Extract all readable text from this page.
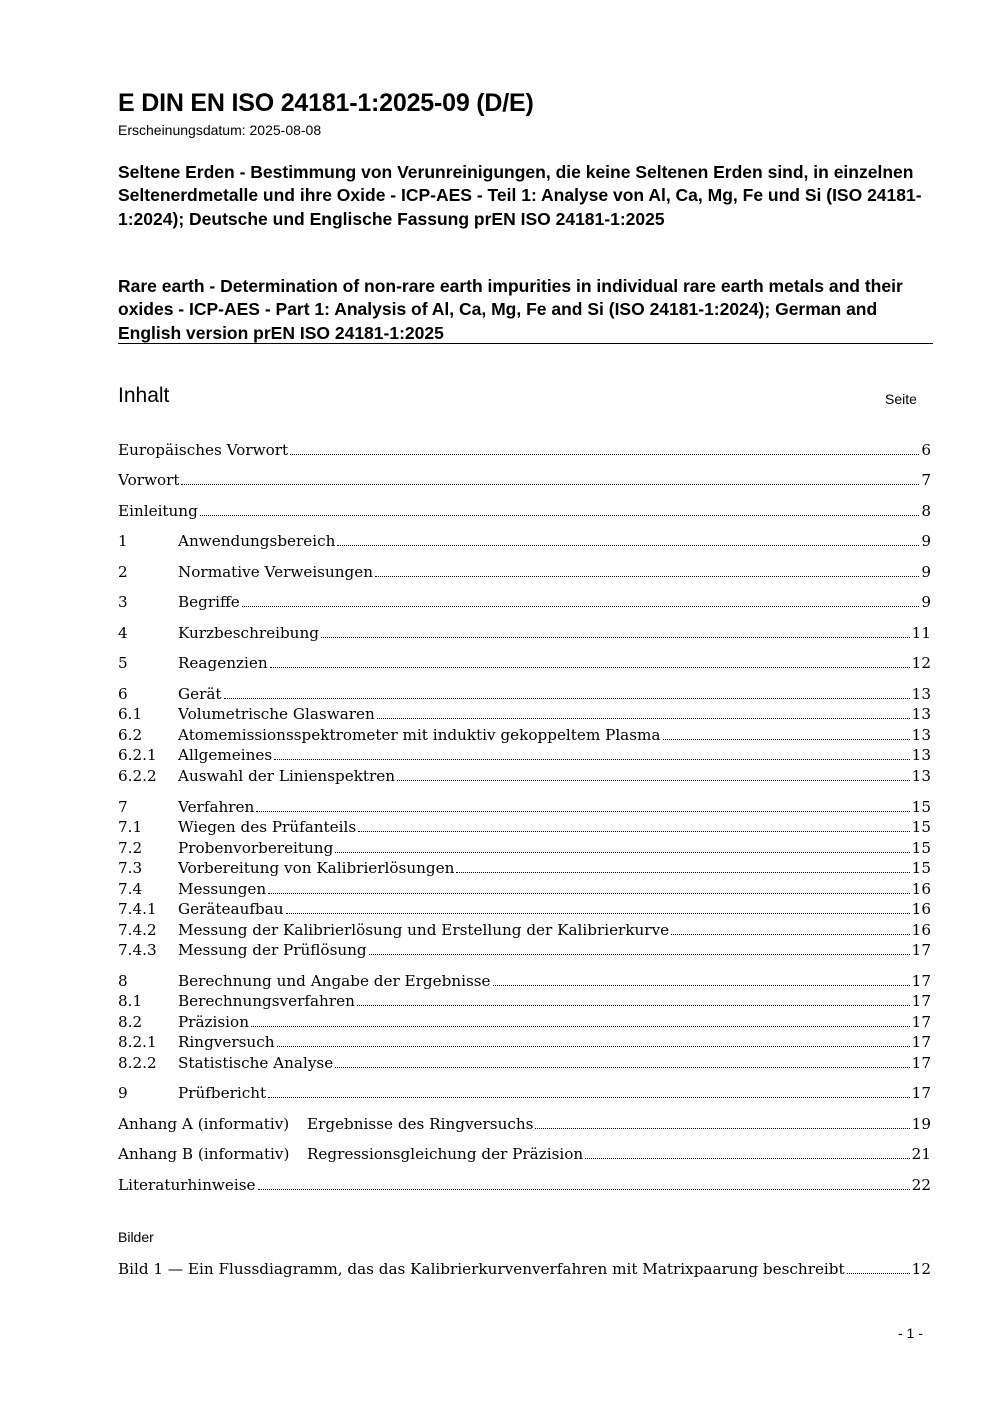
E DIN EN ISO 24181-1:2025-09 (D/E)
Erscheinungsdatum: 2025-08-08
Seltene Erden - Bestimmung von Verunreinigungen, die keine Seltenen Erden sind, in einzelnen Seltenerdmetalle und ihre Oxide - ICP-AES - Teil 1: Analyse von Al, Ca, Mg, Fe und Si (ISO 24181-1:2024); Deutsche und Englische Fassung prEN ISO 24181-1:2025
Rare earth - Determination of non-rare earth impurities in individual rare earth metals and their oxides - ICP-AES - Part 1: Analysis of Al, Ca, Mg, Fe and Si (ISO 24181-1:2024); German and English version prEN ISO 24181-1:2025
Inhalt	Seite
Europäisches Vorwort	6
Vorwort	7
Einleitung	8
1	Anwendungsbereich	9
2	Normative Verweisungen	9
3	Begriffe	9
4	Kurzbeschreibung	11
5	Reagenzien	12
6	Gerät	13
6.1	Volumetrische Glaswaren	13
6.2	Atomemissionsspektrometer mit induktiv gekoppeltem Plasma	13
6.2.1	Allgemeines	13
6.2.2	Auswahl der Linienspektren	13
7	Verfahren	15
7.1	Wiegen des Prüfanteils	15
7.2	Probenvorbereitung	15
7.3	Vorbereitung von Kalibrierlösungen	15
7.4	Messungen	16
7.4.1	Geräteaufbau	16
7.4.2	Messung der Kalibrierlösung und Erstellung der Kalibrierkurve	16
7.4.3	Messung der Prüflösung	17
8	Berechnung und Angabe der Ergebnisse	17
8.1	Berechnungsverfahren	17
8.2	Präzision	17
8.2.1	Ringversuch	17
8.2.2	Statistische Analyse	17
9	Prüfbericht	17
Anhang A (informativ)	Ergebnisse des Ringversuchs	19
Anhang B (informativ)	Regressionsgleichung der Präzision	21
Literaturhinweise	22
Bilder
Bild 1 — Ein Flussdiagramm, das das Kalibrierkurvenverfahren mit Matrixpaarung beschreibt	12
- 1 -
